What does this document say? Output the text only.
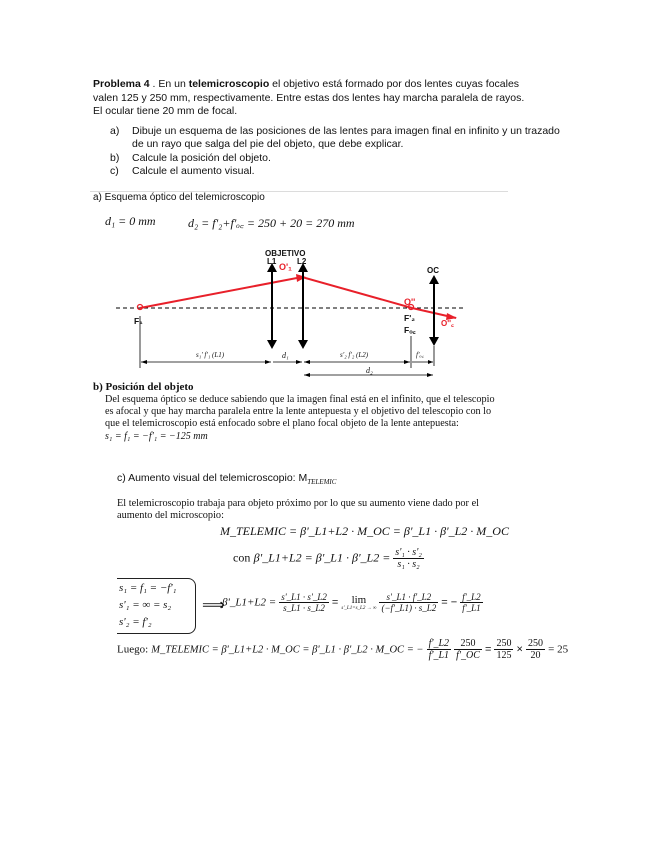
Problema 4 . En un telemicroscopio el objetivo está formado por dos lentes cuyas focales valen 125 y 250 mm, respectivamente. Entre estas dos lentes hay marcha paralela de rayos. El ocular tiene 20 mm de focal.
a) Dibuje un esquema de las posiciones de las lentes para imagen final en infinito y un trazado
de un rayo que salga del pie del objeto, que debe explicar.
b) Calcule la posición del objeto.
c) Calcule el aumento visual.
a) Esquema óptico del telemicroscopio
d₁ = 0 mm	d₂ = f'₂+f'ₒ꜀ = 250 + 20 = 270 mm
OBJETIVO
L1	L2
OC
O'₁
O''
O''꜀
F₁	F'₂
Fₒ꜀
s₁' f'₁ (L1)	d₁	s'₂ f'₂ (L2)	f'ₒ꜀
d₂
b) Posición del objeto
Del esquema óptico se deduce sabiendo que la imagen final está en el infinito, que el telescopio es afocal y que hay marcha paralela entre la lente antepuesta y el objetivo del telescopio con lo que el telemicroscopio está enfocado sobre el plano focal objeto de la lente antepuesta:
s₁ = f₁ = −f'₁ = −125 mm
c) Aumento visual del telemicroscopio: $M_{TELEMIC}$
El telemicroscopio trabaja para objeto próximo por lo que su aumento viene dado por el aumento del microscopio:
M_TELEMIC = β'_L1+L2 · M_OC = β'_L1 · β'_L2 · M_OC
con β'_L1+L2 = β'_L1 · β'_L2 = $\frac{\text{s'₁ · s'₂}}{\text{s₁ · s₂}}$
s₁ = f₁ = −f'₁
s'₁ = ∞ = s₂
s'₂ = f'₂
⟹
β'_L1+L2 = $\frac{s'\_L1 \cdot s'\_L2}{s\_L1 \cdot s\_L2}$ =	lim
s'_L1=s_L2 → ∞
$\frac{s'\_L1 \cdot f'\_L2}{(-f'\_L1) \cdot s\_L2}$ = − $\frac{f'\_L2}{f'\_L1}$
Luego: M_TELEMIC = β'_L1+L2 · M_OC = β'_L1 · β'_L2 · M_OC = − $\frac{f'\_L2}{f'\_L1}$
$\frac{250}{f'\_OC} = \frac{250}{125} \times \frac{250}{20} = 25$
